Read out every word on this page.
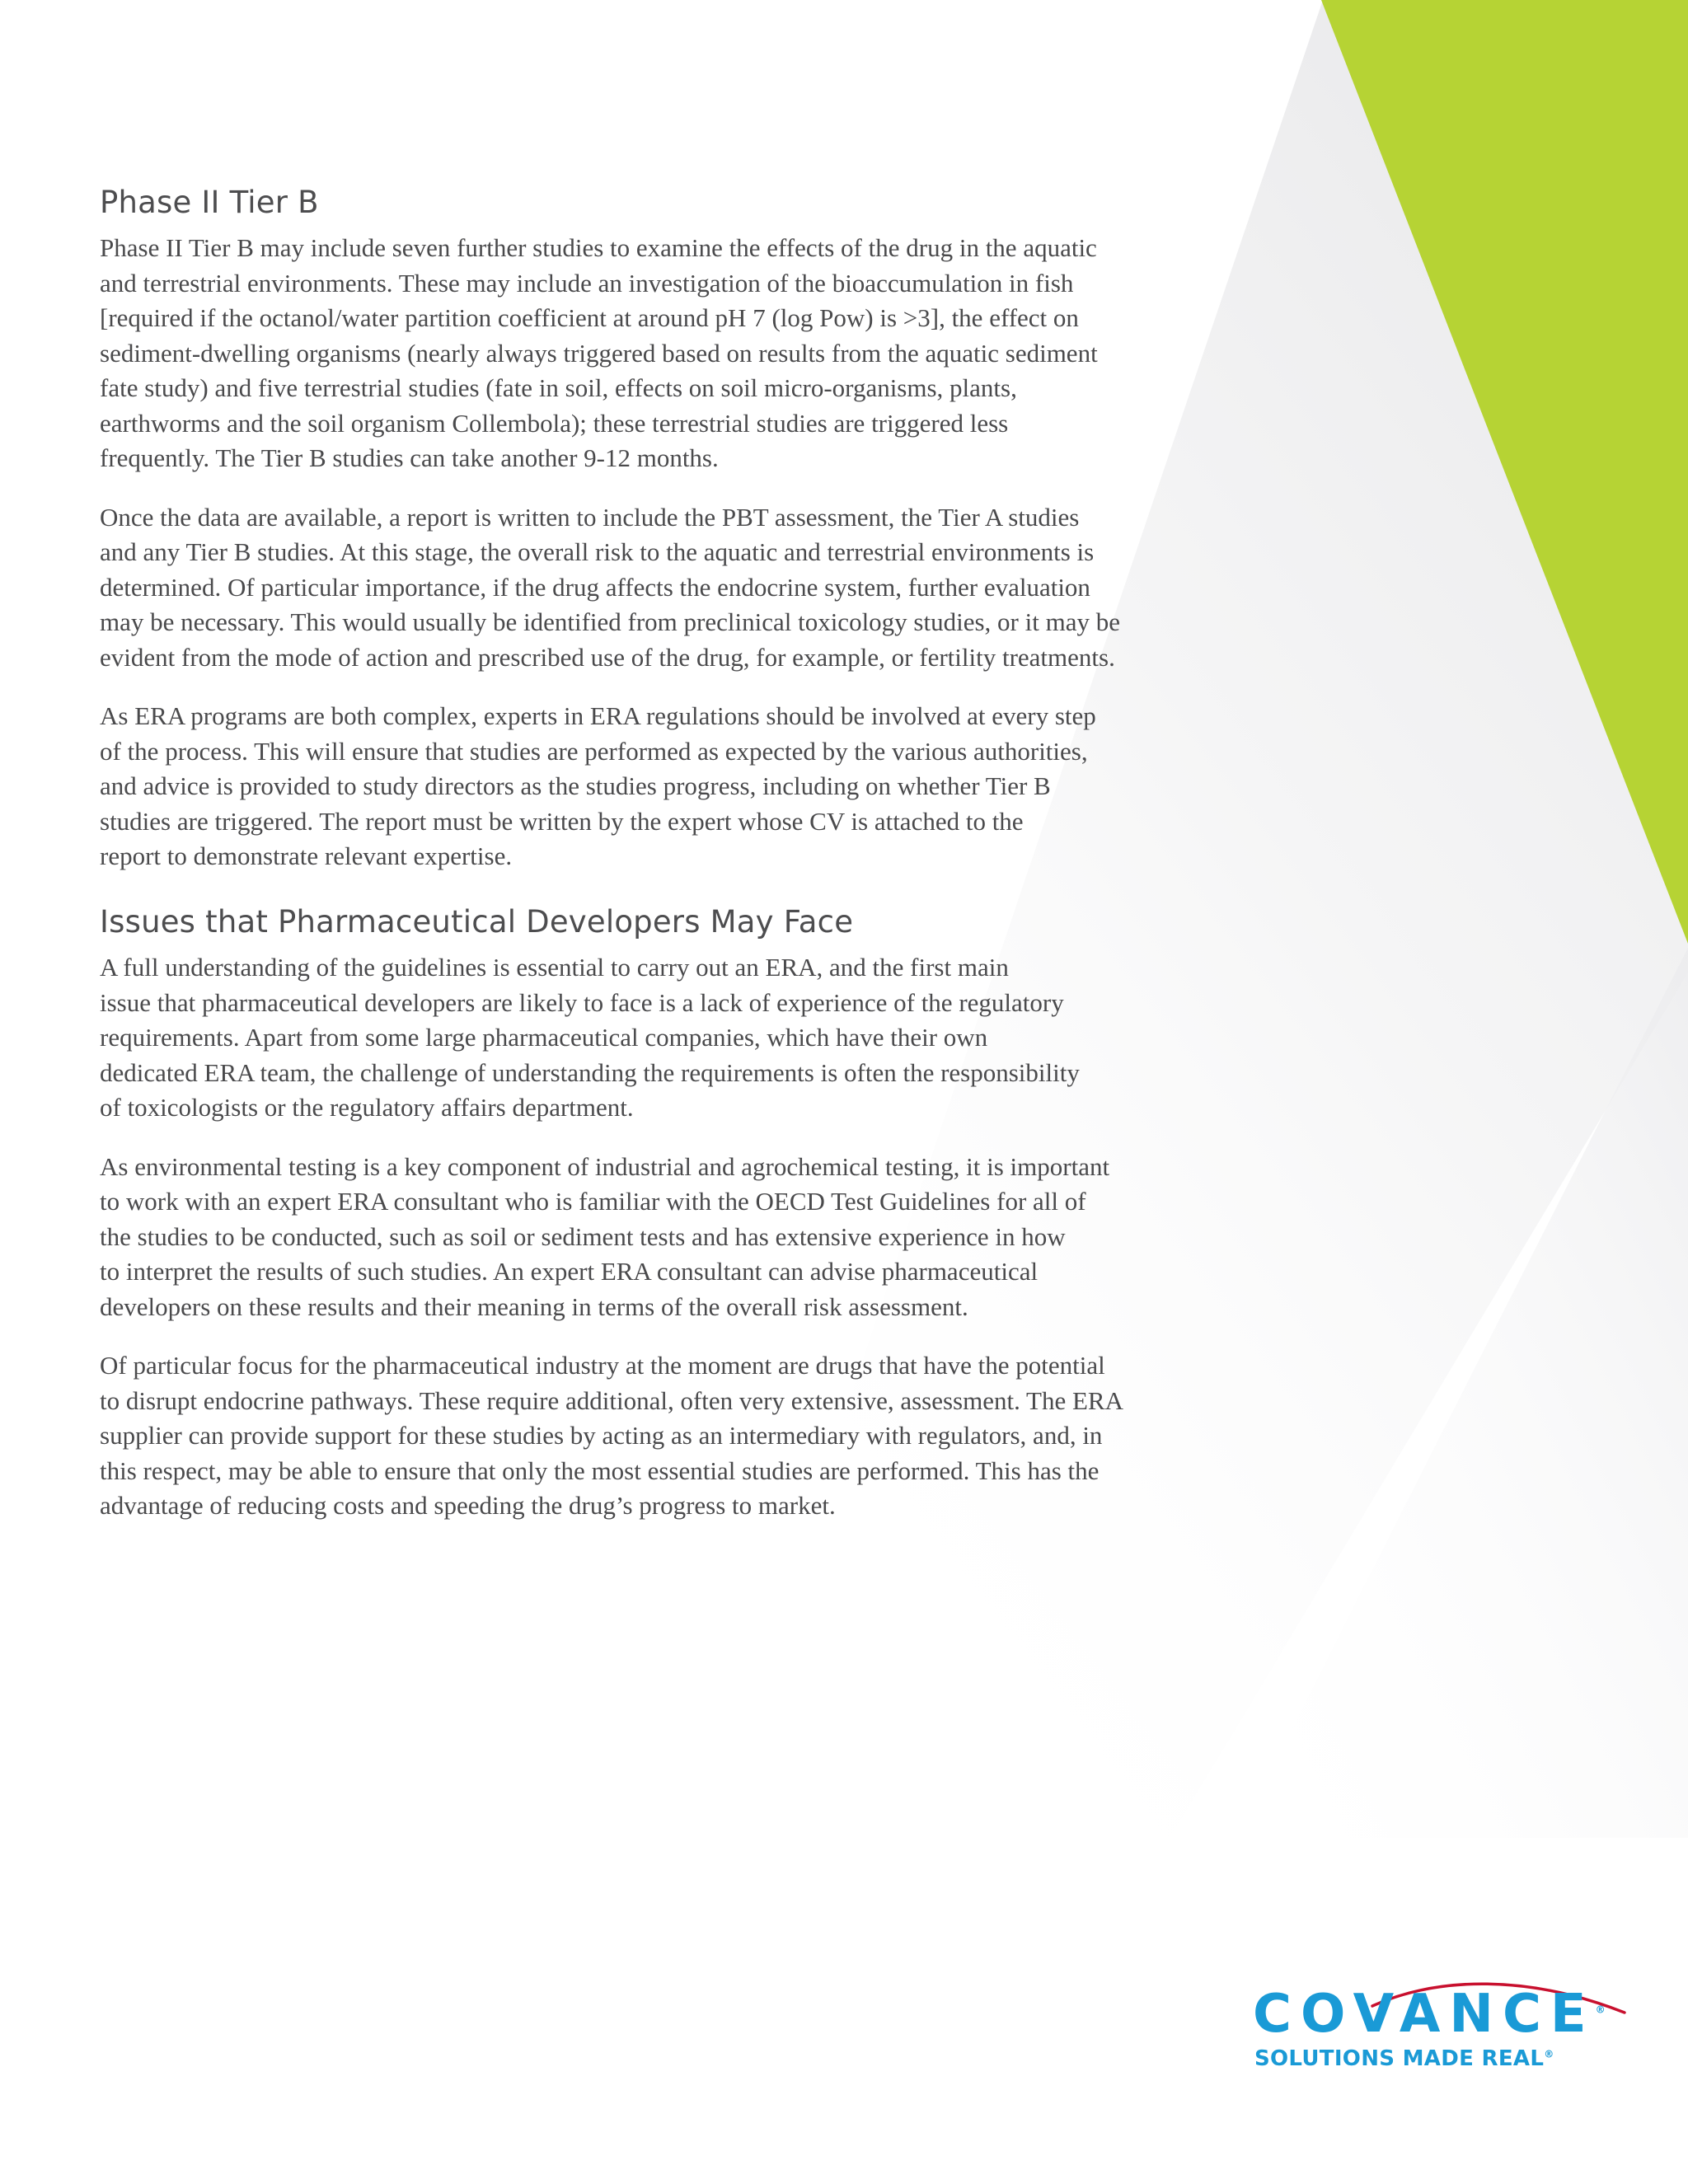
Phase II Tier B

Phase II Tier B may include seven further studies to examine the effects of the drug in the aquatic
and terrestrial environments. These may include an investigation of the bioaccumulation in fish
[required if the octanol/water partition coefficient at around pH 7 (log Pow) is >3], the effect on
sediment-dwelling organisms (nearly always triggered based on results from the aquatic sediment
fate study) and five terrestrial studies (fate in soil, effects on soil micro-organisms, plants,
earthworms and the soil organism Collembola); these terrestrial studies are triggered less
frequently. The Tier B studies can take another 9-12 months.

Once the data are available, a report is written to include the PBT assessment, the Tier A studies
and any Tier B studies. At this stage, the overall risk to the aquatic and terrestrial environments is
determined. Of particular importance, if the drug affects the endocrine system, further evaluation
may be necessary. This would usually be identified from preclinical toxicology studies, or it may be
evident from the mode of action and prescribed use of the drug, for example, or fertility treatments.

As ERA programs are both complex, experts in ERA regulations should be involved at every step
of the process. This will ensure that studies are performed as expected by the various authorities,
and advice is provided to study directors as the studies progress, including on whether Tier B
studies are triggered. The report must be written by the expert whose CV is attached to the
report to demonstrate relevant expertise.

Issues that Pharmaceutical Developers May Face

A full understanding of the guidelines is essential to carry out an ERA, and the first main
issue that pharmaceutical developers are likely to face is a lack of experience of the regulatory
requirements. Apart from some large pharmaceutical companies, which have their own
dedicated ERA team, the challenge of understanding the requirements is often the responsibility
of toxicologists or the regulatory affairs department.

As environmental testing is a key component of industrial and agrochemical testing, it is important
to work with an expert ERA consultant who is familiar with the OECD Test Guidelines for all of
the studies to be conducted, such as soil or sediment tests and has extensive experience in how
to interpret the results of such studies. An expert ERA consultant can advise pharmaceutical
developers on these results and their meaning in terms of the overall risk assessment.

Of particular focus for the pharmaceutical industry at the moment are drugs that have the potential
to disrupt endocrine pathways. These require additional, often very extensive, assessment. The ERA
supplier can provide support for these studies by acting as an intermediary with regulators, and, in
this respect, may be able to ensure that only the most essential studies are performed. This has the
advantage of reducing costs and speeding the drug’s progress to market.

COVANCE®
SOLUTIONS MADE REAL®
